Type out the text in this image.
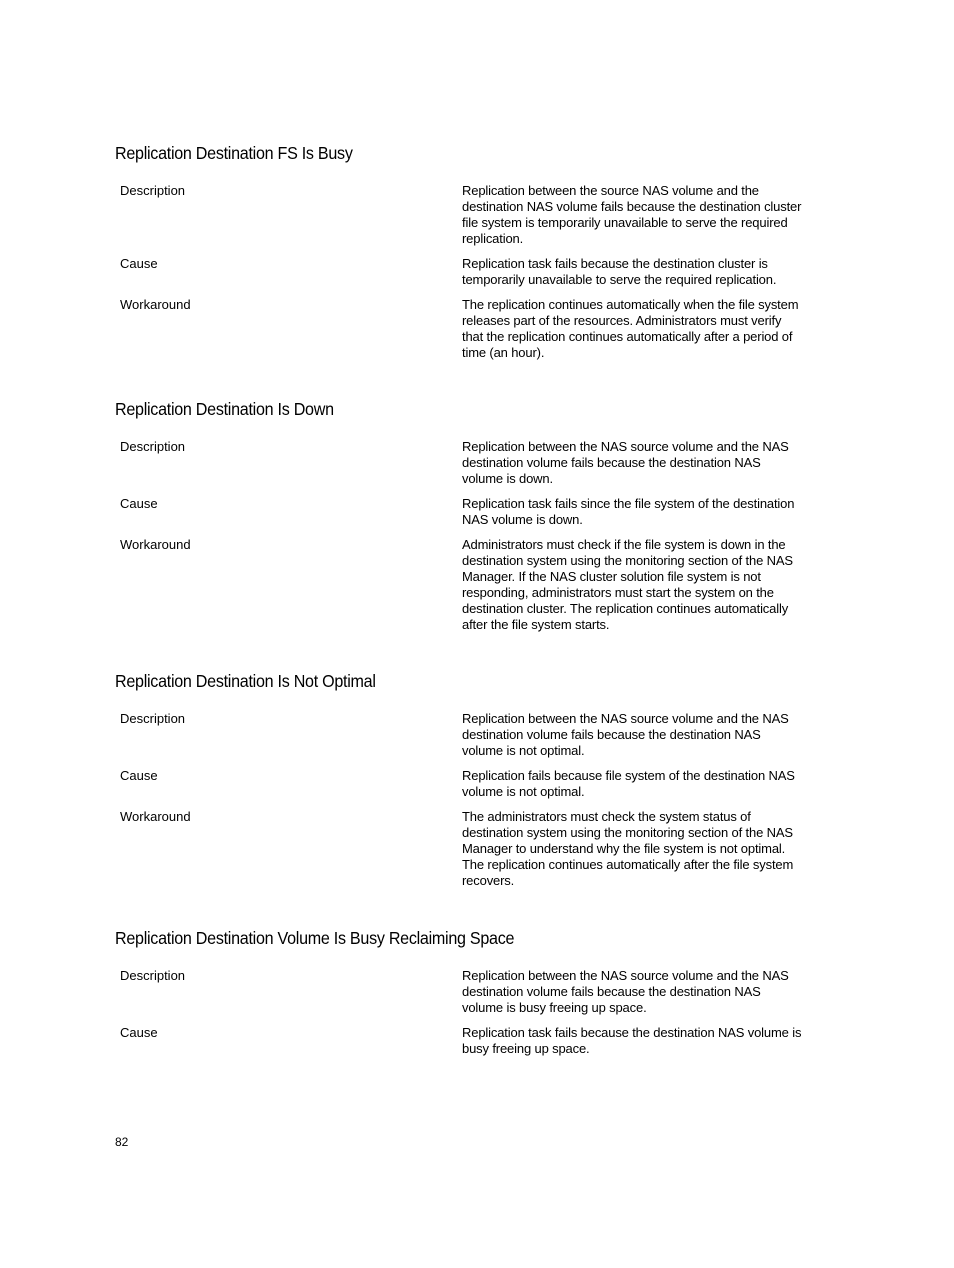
Replication Destination FS Is Busy
Description	Replication between the source NAS volume and the destination NAS volume fails because the destination cluster file system is temporarily unavailable to serve the required replication.
Cause	Replication task fails because the destination cluster is temporarily unavailable to serve the required replication.
Workaround	The replication continues automatically when the file system releases part of the resources. Administrators must verify that the replication continues automatically after a period of time (an hour).
Replication Destination Is Down
Description	Replication between the NAS source volume and the NAS destination volume fails because the destination NAS volume is down.
Cause	Replication task fails since the file system of the destination NAS volume is down.
Workaround	Administrators must check if the file system is down in the destination system using the monitoring section of the NAS Manager. If the NAS cluster solution file system is not responding, administrators must start the system on the destination cluster. The replication continues automatically after the file system starts.
Replication Destination Is Not Optimal
Description	Replication between the NAS source volume and the NAS destination volume fails because the destination NAS volume is not optimal.
Cause	Replication fails because file system of the destination NAS volume is not optimal.
Workaround	The administrators must check the system status of destination system using the monitoring section of the NAS Manager to understand why the file system is not optimal. The replication continues automatically after the file system recovers.
Replication Destination Volume Is Busy Reclaiming Space
Description	Replication between the NAS source volume and the NAS destination volume fails because the destination NAS volume is busy freeing up space.
Cause	Replication task fails because the destination NAS volume is busy freeing up space.
82
